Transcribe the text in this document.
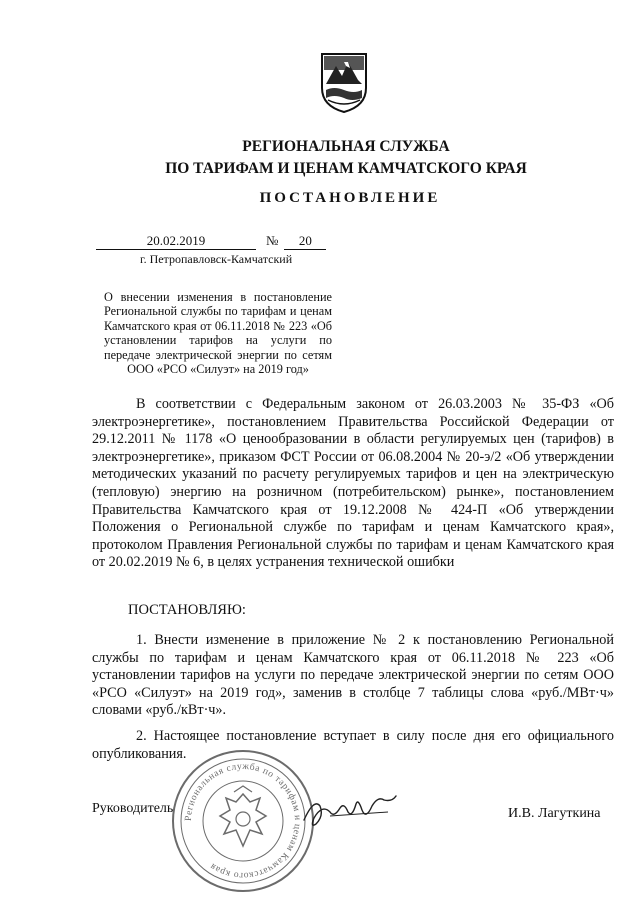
РЕГИОНАЛЬНАЯ СЛУЖБА
ПО ТАРИФАМ И ЦЕНАМ КАМЧАТСКОГО КРАЯ
ПОСТАНОВЛЕНИЕ
20.02.2019	№ 20
г. Петропавловск-Камчатский
О внесении изменения в постановление Региональной службы по тарифам и ценам Камчатского края от 06.11.2018 № 223 «Об установлении тарифов на услуги по передаче электрической энергии по сетям ООО «РСО «Силуэт» на 2019 год»
В соответствии с Федеральным законом от 26.03.2003 № 35-ФЗ «Об электроэнергетике», постановлением Правительства Российской Федерации от 29.12.2011 № 1178 «О ценообразовании в области регулируемых цен (тарифов) в электроэнергетике», приказом ФСТ России от 06.08.2004 № 20-э/2 «Об утверждении методических указаний по расчету регулируемых тарифов и цен на электрическую (тепловую) энергию на розничном (потребительском) рынке», постановлением Правительства Камчатского края от 19.12.2008 № 424-П «Об утверждении Положения о Региональной службе по тарифам и ценам Камчатского края», протоколом Правления Региональной службы по тарифам и ценам Камчатского края от 20.02.2019 № 6, в целях устранения технической ошибки
ПОСТАНОВЛЯЮ:
1. Внести изменение в приложение № 2 к постановлению Региональной службы по тарифам и ценам Камчатского края от 06.11.2018 № 223 «Об установлении тарифов на услуги по передаче электрической энергии по сетям ООО «РСО «Силуэт» на 2019 год», заменив в столбце 7 таблицы слова «руб./МВт·ч» словами «руб./кВт·ч».
2. Настоящее постановление вступает в силу после дня его официального опубликования.
Региональная служба по тарифам и ценам Камчатского края
Руководитель	И.В. Лагуткина
